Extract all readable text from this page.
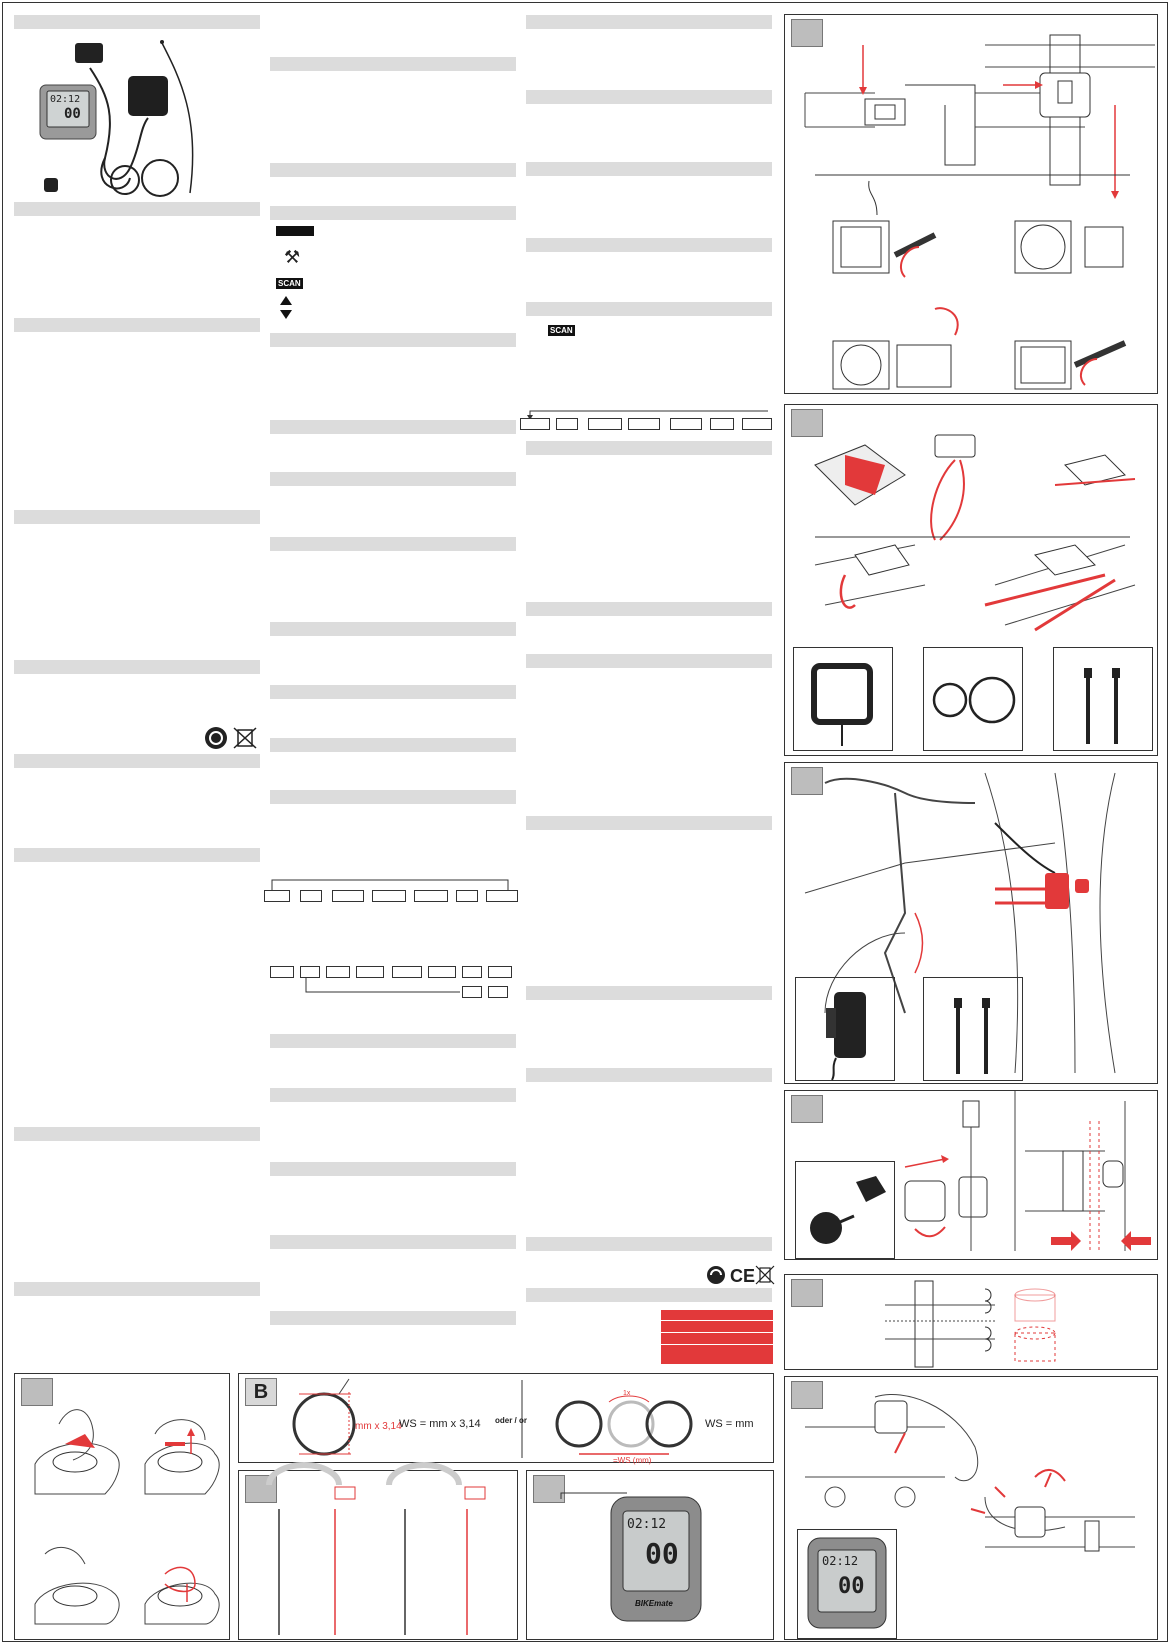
02:12
00
⚒
SCAN
SCAN
CE
02:12
00
B
mm x 3,14
WS = mm x 3,14 oder / or
1x
=WS (mm)
WS = mm
02:12
00
BIKEmate
